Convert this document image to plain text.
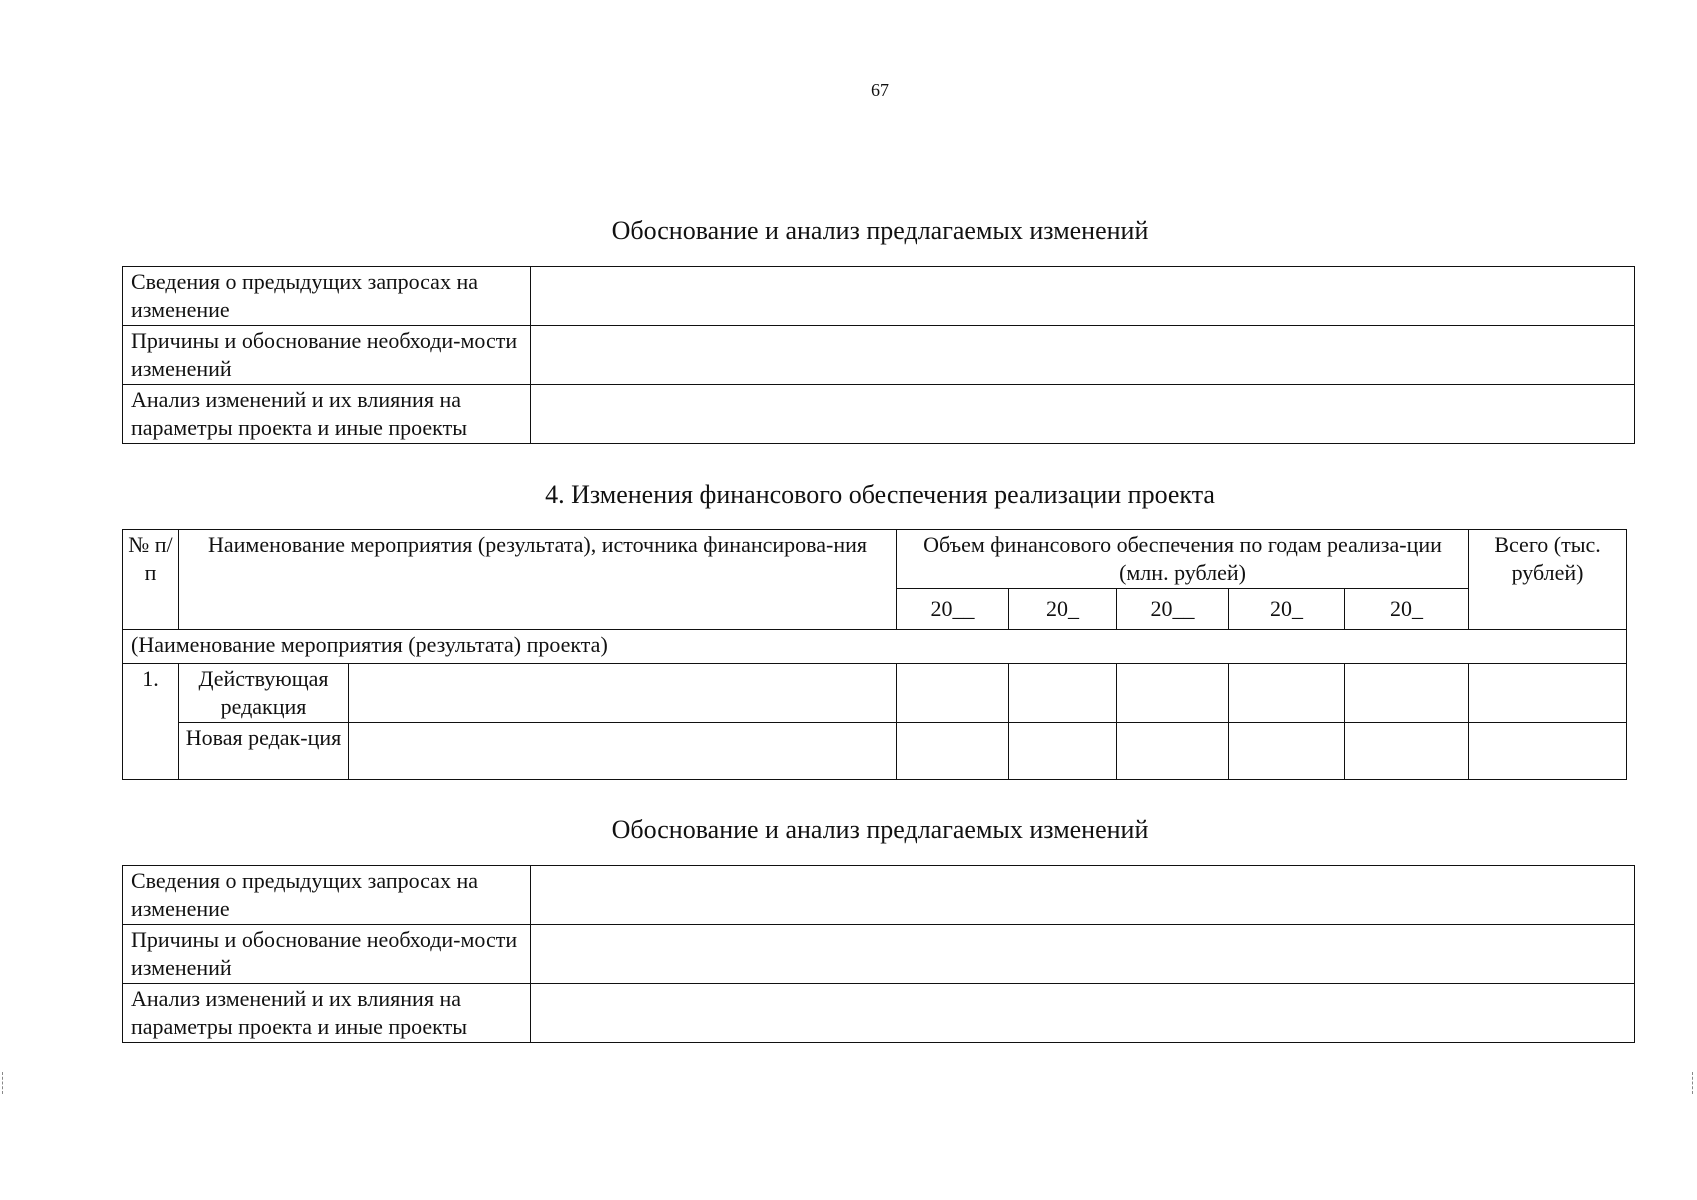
67
Обоснование и анализ предлагаемых изменений
Сведения о предыдущих запросах на изменение	
Причины и обоснование необходи-мости изменений	
Анализ изменений и их влияния на параметры проекта и иные проекты	
4. Изменения финансового обеспечения реализации проекта
№ п/п	Наименование мероприятия (результата), источника финансирова-ния		Объем финансового обеспечения по годам реализа-ции (млн. рублей)					Всего (тыс. рублей)
			20__	20_	20__	20_	20_	
(Наименование мероприятия (результата) проекта)								
1.	Действующая редакция							
	Новая редак-ция							
Обоснование и анализ предлагаемых изменений
Сведения о предыдущих запросах на изменение	
Причины и обоснование необходи-мости изменений	
Анализ изменений и их влияния на параметры проекта и иные проекты	
